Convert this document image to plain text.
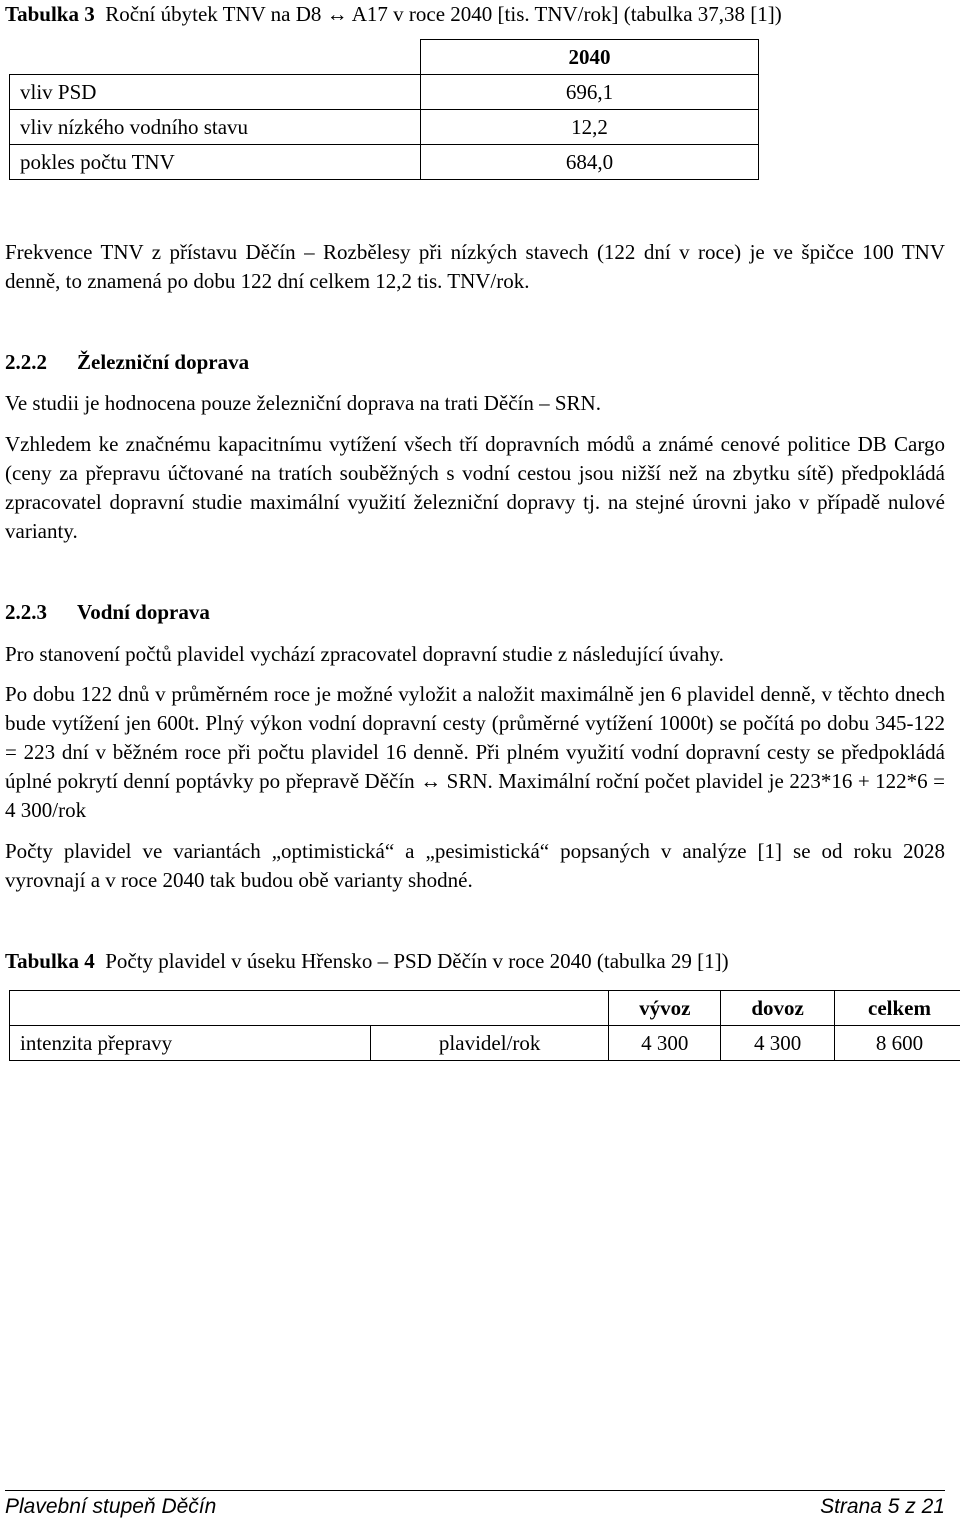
Tabulka 3 Roční úbytek TNV na D8 ↔ A17 v roce 2040 [tis. TNV/rok] (tabulka 37,38 [1])
	2040
vliv PSD	696,1
vliv nízkého vodního stavu	12,2
pokles počtu TNV	684,0
Frekvence TNV z přístavu Děčín – Rozbělesy při nízkých stavech (122 dní v roce) je ve špičce 100 TNV denně, to znamená po dobu 122 dní celkem 12,2 tis. TNV/rok.
2.2.2 Železniční doprava
Ve studii je hodnocena pouze železniční doprava na trati Děčín – SRN.
Vzhledem ke značnému kapacitnímu vytížení všech tří dopravních módů a známé cenové politice DB Cargo (ceny za přepravu účtované na tratích souběžných s vodní cestou jsou nižší než na zbytku sítě) předpokládá zpracovatel dopravní studie maximální využití železniční dopravy tj. na stejné úrovni jako v případě nulové varianty.
2.2.3 Vodní doprava
Pro stanovení počtů plavidel vychází zpracovatel dopravní studie z následující úvahy.
Po dobu 122 dnů v průměrném roce je možné vyložit a naložit maximálně jen 6 plavidel denně, v těchto dnech bude vytížení jen 600t. Plný výkon vodní dopravní cesty (průměrné vytížení 1000t) se počítá po dobu 345-122 = 223 dní v běžném roce při počtu plavidel 16 denně. Při plném využití vodní dopravní cesty se předpokládá úplné pokrytí denní poptávky po přepravě Děčín ↔ SRN. Maximální roční počet plavidel je 223*16 + 122*6 = 4 300/rok
Počty plavidel ve variantách „optimistická“ a „pesimistická“ popsaných v analýze [1] se od roku 2028 vyrovnají a v roce 2040 tak budou obě varianty shodné.
Tabulka 4 Počty plavidel v úseku Hřensko – PSD Děčín v roce 2040 (tabulka 29 [1])
		vývoz	dovoz	celkem
intenzita přepravy	plavidel/rok	4 300	4 300	8 600
Plavební stupeň Děčín	Strana 5 z 21
